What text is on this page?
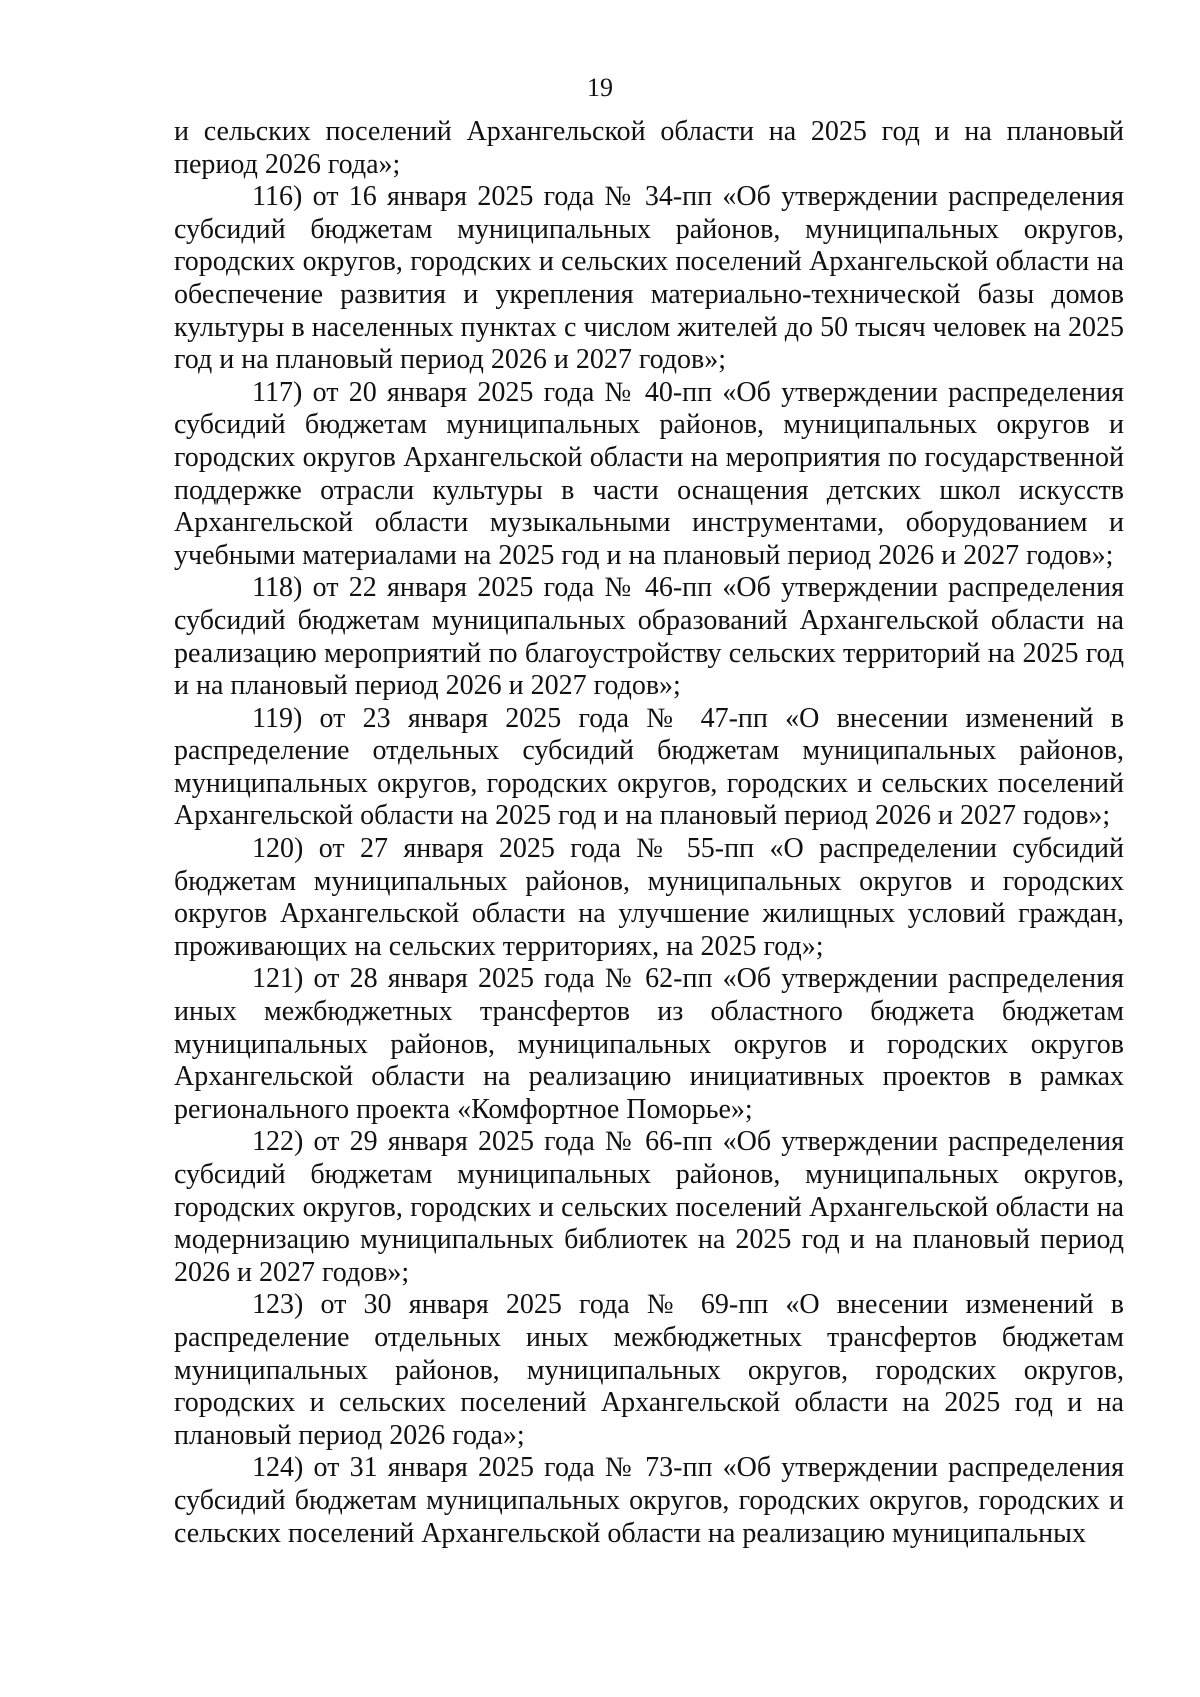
19

и сельских поселений Архангельской области на 2025 год и на плановый период 2026 года»;

116) от 16 января 2025 года № 34-пп «Об утверждении распределения субсидий бюджетам муниципальных районов, муниципальных округов, городских округов, городских и сельских поселений Архангельской области на обеспечение развития и укрепления материально-технической базы домов культуры в населенных пунктах с числом жителей до 50 тысяч человек на 2025 год и на плановый период 2026 и 2027 годов»;

117) от 20 января 2025 года № 40-пп «Об утверждении распределения субсидий бюджетам муниципальных районов, муниципальных округов и городских округов Архангельской области на мероприятия по государственной поддержке отрасли культуры в части оснащения детских школ искусств Архангельской области музыкальными инструментами, оборудованием и учебными материалами на 2025 год и на плановый период 2026 и 2027 годов»;

118) от 22 января 2025 года № 46-пп «Об утверждении распределения субсидий бюджетам муниципальных образований Архангельской области на реализацию мероприятий по благоустройству сельских территорий на 2025 год и на плановый период 2026 и 2027 годов»;

119) от 23 января 2025 года № 47-пп «О внесении изменений в распределение отдельных субсидий бюджетам муниципальных районов, муниципальных округов, городских округов, городских и сельских поселений Архангельской области на 2025 год и на плановый период 2026 и 2027 годов»;

120) от 27 января 2025 года № 55-пп «О распределении субсидий бюджетам муниципальных районов, муниципальных округов и городских округов Архангельской области на улучшение жилищных условий граждан, проживающих на сельских территориях, на 2025 год»;

121) от 28 января 2025 года № 62-пп «Об утверждении распределения иных межбюджетных трансфертов из областного бюджета бюджетам муниципальных районов, муниципальных округов и городских округов Архангельской области на реализацию инициативных проектов в рамках регионального проекта «Комфортное Поморье»;

122) от 29 января 2025 года № 66-пп «Об утверждении распределения субсидий бюджетам муниципальных районов, муниципальных округов, городских округов, городских и сельских поселений Архангельской области на модернизацию муниципальных библиотек на 2025 год и на плановый период 2026 и 2027 годов»;

123) от 30 января 2025 года № 69-пп «О внесении изменений в распределение отдельных иных межбюджетных трансфертов бюджетам муниципальных районов, муниципальных округов, городских округов, городских и сельских поселений Архангельской области на 2025 год и на плановый период 2026 года»;

124) от 31 января 2025 года № 73-пп «Об утверждении распределения субсидий бюджетам муниципальных округов, городских округов, городских и сельских поселений Архангельской области на реализацию муниципальных
